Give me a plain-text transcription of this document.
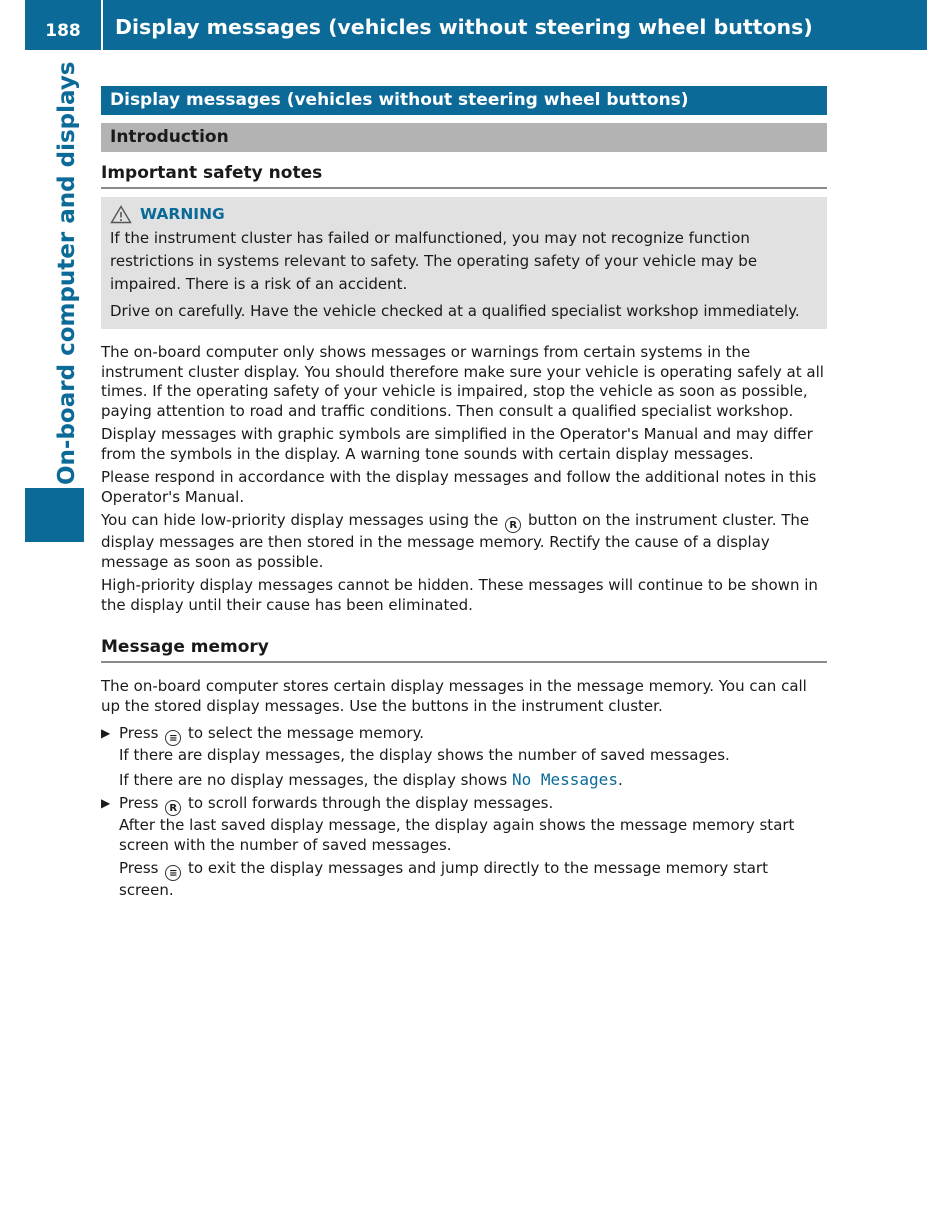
188	Display messages (vehicles without steering wheel buttons)
On-board computer and displays	Display messages (vehicles without steering wheel buttons)
Introduction
Important safety notes
WARNING

If the instrument cluster has failed or malfunctioned, you may not recognize function restrictions in systems relevant to safety. The operating safety of your vehicle may be impaired. There is a risk of an accident.

Drive on carefully. Have the vehicle checked at a qualified specialist workshop immediately.

The on-board computer only shows messages or warnings from certain systems in the instrument cluster display. You should therefore make sure your vehicle is operating safely at all times. If the operating safety of your vehicle is impaired, stop the vehicle as soon as possible, paying attention to road and traffic conditions. Then consult a qualified specialist workshop.

Display messages with graphic symbols are simplified in the Operator's Manual and may differ from the symbols in the display. A warning tone sounds with certain display messages.

Please respond in accordance with the display messages and follow the additional notes in this Operator's Manual.

You can hide low-priority display messages using the R button on the instrument cluster. The display messages are then stored in the message memory. Rectify the cause of a display message as soon as possible.

High-priority display messages cannot be hidden. These messages will continue to be shown in the display until their cause has been eliminated.

Message memory

The on-board computer stores certain display messages in the message memory. You can call up the stored display messages. Use the buttons in the instrument cluster.

▶ Press ≡ to select the message memory.

If there are display messages, the display shows the number of saved messages.

If there are no display messages, the display shows No Messages.

▶ Press R to scroll forwards through the display messages.

After the last saved display message, the display again shows the message memory start screen with the number of saved messages.

Press ≡ to exit the display messages and jump directly to the message memory start screen.
